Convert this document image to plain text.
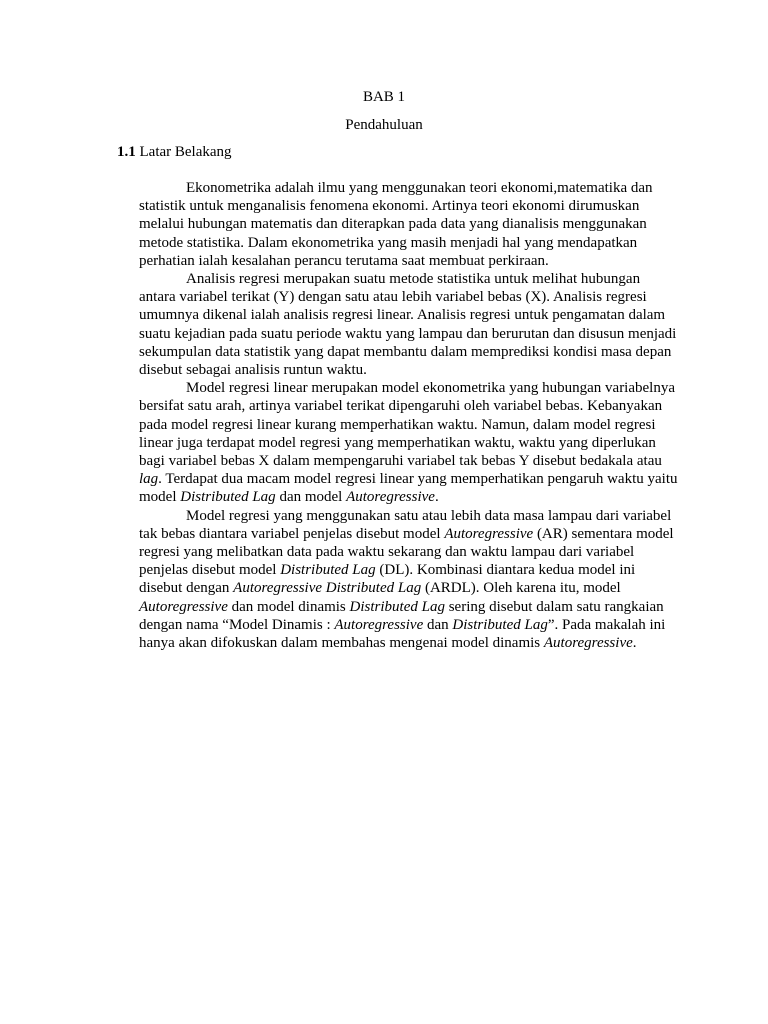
BAB 1
Pendahuluan
1.1 Latar Belakang

Ekonometrika adalah ilmu yang menggunakan teori ekonomi,matematika dan statistik untuk menganalisis fenomena ekonomi. Artinya teori ekonomi dirumuskan melalui hubungan matematis dan diterapkan pada data yang dianalisis menggunakan metode statistika. Dalam ekonometrika yang masih menjadi hal yang mendapatkan perhatian ialah kesalahan perancu terutama saat membuat perkiraan.

Analisis regresi merupakan suatu metode statistika untuk melihat hubungan antara variabel terikat (Y) dengan satu atau lebih variabel bebas (X). Analisis regresi umumnya dikenal ialah analisis regresi linear. Analisis regresi untuk pengamatan dalam suatu kejadian pada suatu periode waktu yang lampau dan berurutan dan disusun menjadi sekumpulan data statistik yang dapat membantu dalam memprediksi kondisi masa depan disebut sebagai analisis runtun waktu.

Model regresi linear merupakan model ekonometrika yang hubungan variabelnya bersifat satu arah, artinya variabel terikat dipengaruhi oleh variabel bebas. Kebanyakan pada model regresi linear kurang memperhatikan waktu. Namun, dalam model regresi linear juga terdapat model regresi yang memperhatikan waktu, waktu yang diperlukan bagi variabel bebas X dalam mempengaruhi variabel tak bebas Y disebut bedakala atau lag. Terdapat dua macam model regresi linear yang memperhatikan pengaruh waktu yaitu model Distributed Lag dan model Autoregressive.

Model regresi yang menggunakan satu atau lebih data masa lampau dari variabel tak bebas diantara variabel penjelas disebut model Autoregressive (AR) sementara model regresi yang melibatkan data pada waktu sekarang dan waktu lampau dari variabel penjelas disebut model Distributed Lag (DL). Kombinasi diantara kedua model ini disebut dengan Autoregressive Distributed Lag (ARDL). Oleh karena itu, model Autoregressive dan model dinamis Distributed Lag sering disebut dalam satu rangkaian dengan nama “Model Dinamis : Autoregressive dan Distributed Lag”. Pada makalah ini hanya akan difokuskan dalam membahas mengenai model dinamis Autoregressive.
